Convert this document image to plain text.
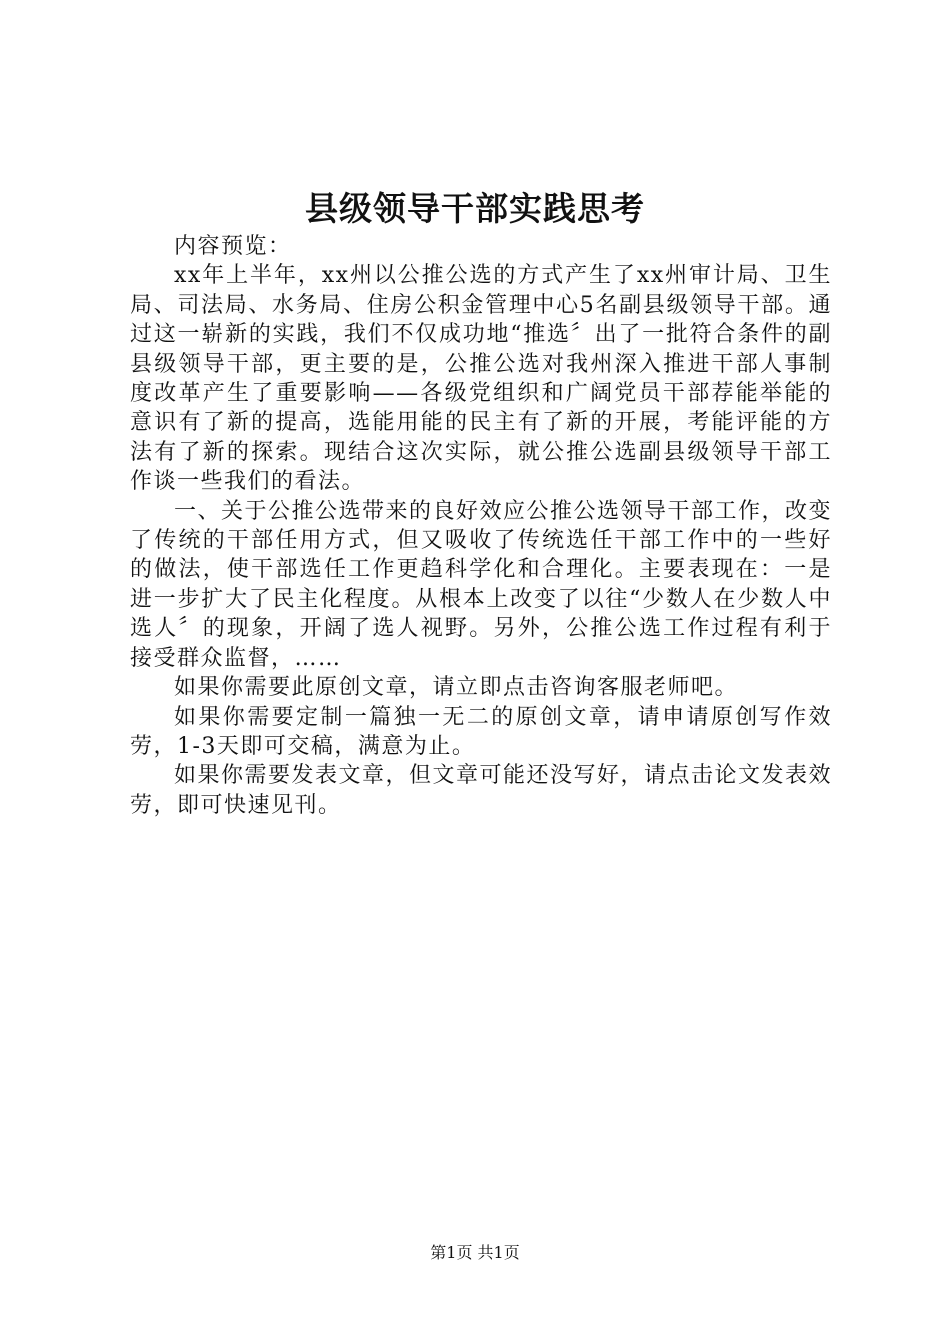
县级领导干部实践思考

内容预览：

xx年上半年，xx州以公推公选的方式产生了xx州审计局、卫生局、司法局、水务局、住房公积金管理中心5名副县级领导干部。通过这一崭新的实践，我们不仅成功地“推选〞出了一批符合条件的副县级领导干部，更主要的是，公推公选对我州深入推进干部人事制度改革产生了重要影响——各级党组织和广阔党员干部荐能举能的意识有了新的提高，选能用能的民主有了新的开展，考能评能的方法有了新的探索。现结合这次实际，就公推公选副县级领导干部工作谈一些我们的看法。

一、关于公推公选带来的良好效应公推公选领导干部工作，改变了传统的干部任用方式，但又吸收了传统选任干部工作中的一些好的做法，使干部选任工作更趋科学化和合理化。主要表现在：一是进一步扩大了民主化程度。从根本上改变了以往“少数人在少数人中选人〞的现象，开阔了选人视野。另外，公推公选工作过程有利于接受群众监督，……

如果你需要此原创文章，请立即点击咨询客服老师吧。

如果你需要定制一篇独一无二的原创文章，请申请原创写作效劳，1-3天即可交稿，满意为止。

如果你需要发表文章，但文章可能还没写好，请点击论文发表效劳，即可快速见刊。

第1页 共1页
